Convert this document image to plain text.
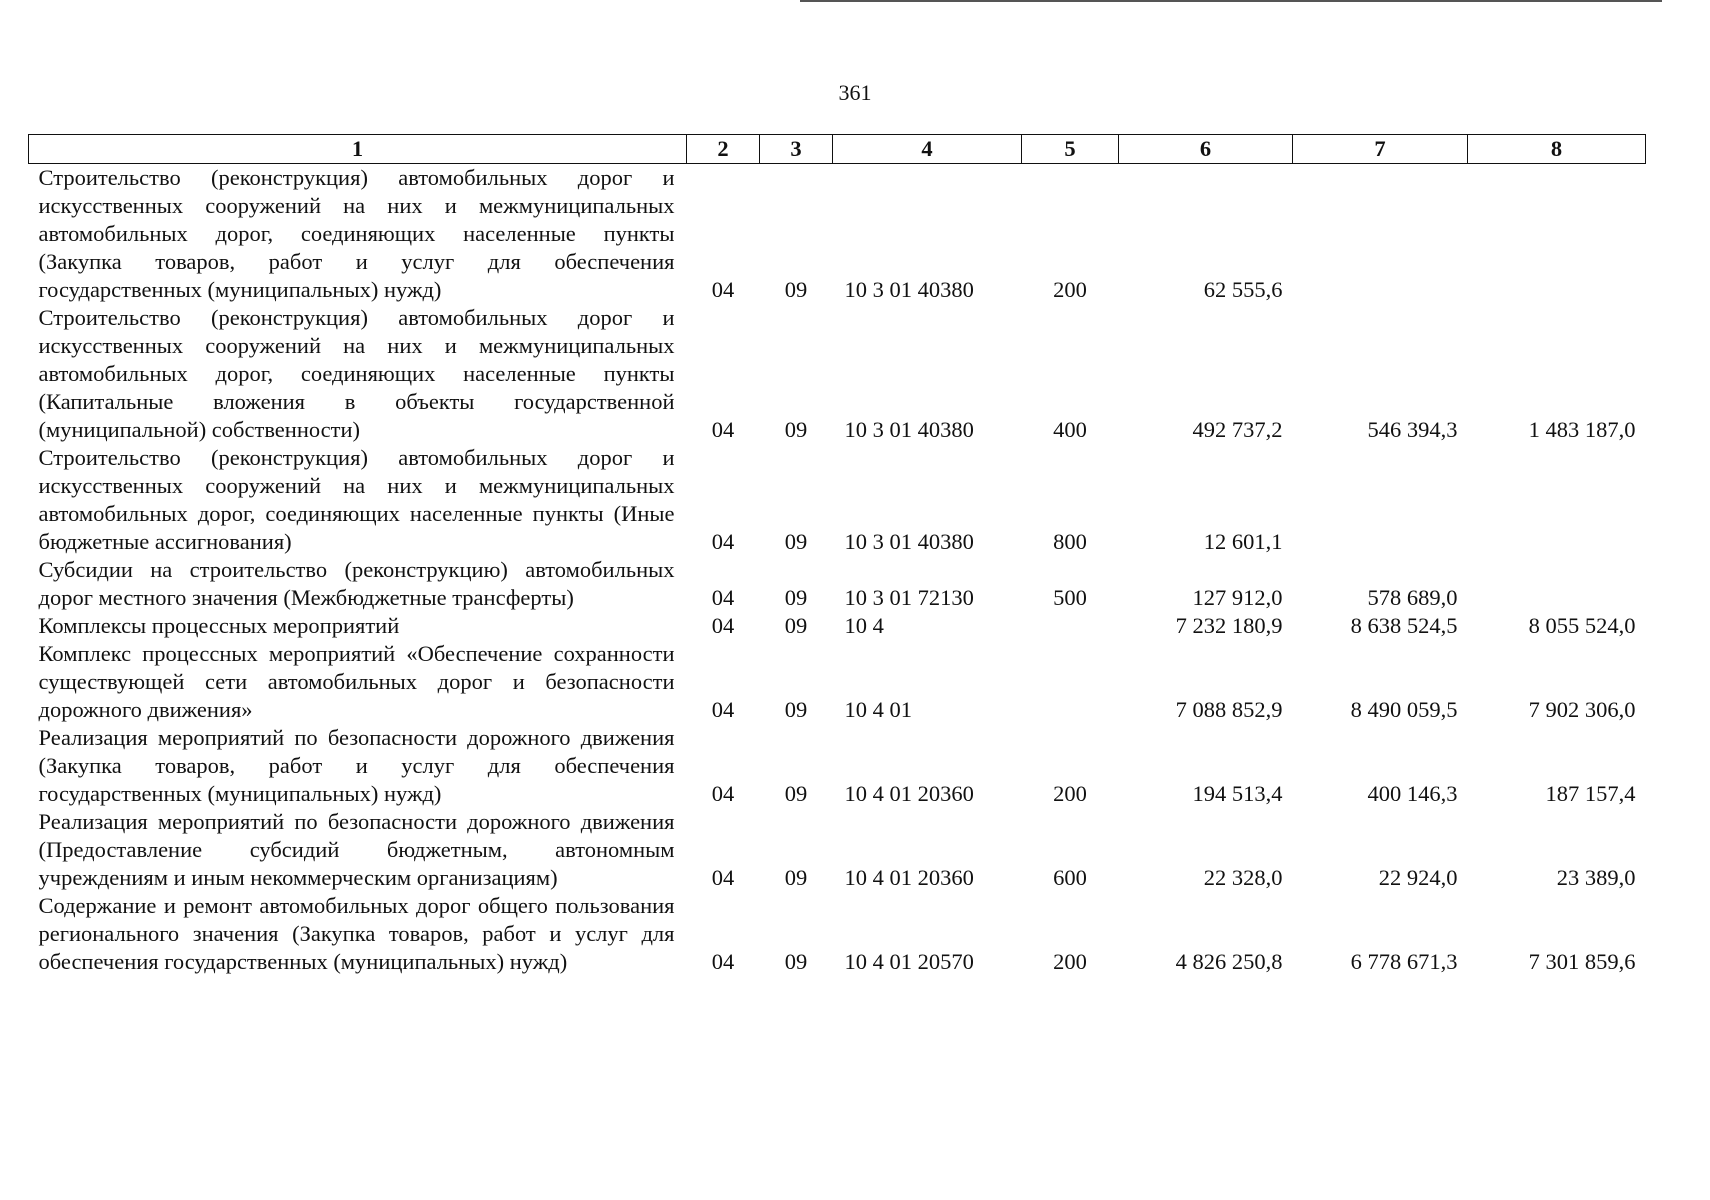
361
1	2	3	4	5	6	7	8
Строительство (реконструкция) автомобильных дорог и искусственных сооружений на них и межмуниципальных автомобильных дорог, соединяющих населенные пункты (Закупка товаров, работ и услуг для обеспечения государственных (муниципальных) нужд)	04	09	10 3 01 40380	200	62 555,6		
Строительство (реконструкция) автомобильных дорог и искусственных сооружений на них и межмуниципальных автомобильных дорог, соединяющих населенные пункты (Капитальные вложения в объекты государственной (муниципальной) собственности)	04	09	10 3 01 40380	400	492 737,2	546 394,3	1 483 187,0
Строительство (реконструкция) автомобильных дорог и искусственных сооружений на них и межмуниципальных автомобильных дорог, соединяющих населенные пункты (Иные бюджетные ассигнования)	04	09	10 3 01 40380	800	12 601,1		
Субсидии на строительство (реконструкцию) автомобильных дорог местного значения (Межбюджетные трансферты)	04	09	10 3 01 72130	500	127 912,0	578 689,0	
Комплексы процессных мероприятий	04	09	10 4		7 232 180,9	8 638 524,5	8 055 524,0
Комплекс процессных мероприятий «Обеспечение сохранности существующей сети автомобильных дорог и безопасности дорожного движения»	04	09	10 4 01		7 088 852,9	8 490 059,5	7 902 306,0
Реализация мероприятий по безопасности дорожного движения (Закупка товаров, работ и услуг для обеспечения государственных (муниципальных) нужд)	04	09	10 4 01 20360	200	194 513,4	400 146,3	187 157,4
Реализация мероприятий по безопасности дорожного движения (Предоставление субсидий бюджетным, автономным учреждениям и иным некоммерческим организациям)	04	09	10 4 01 20360	600	22 328,0	22 924,0	23 389,0
Содержание и ремонт автомобильных дорог общего пользования регионального значения (Закупка товаров, работ и услуг для обеспечения государственных (муниципальных) нужд)	04	09	10 4 01 20570	200	4 826 250,8	6 778 671,3	7 301 859,6
